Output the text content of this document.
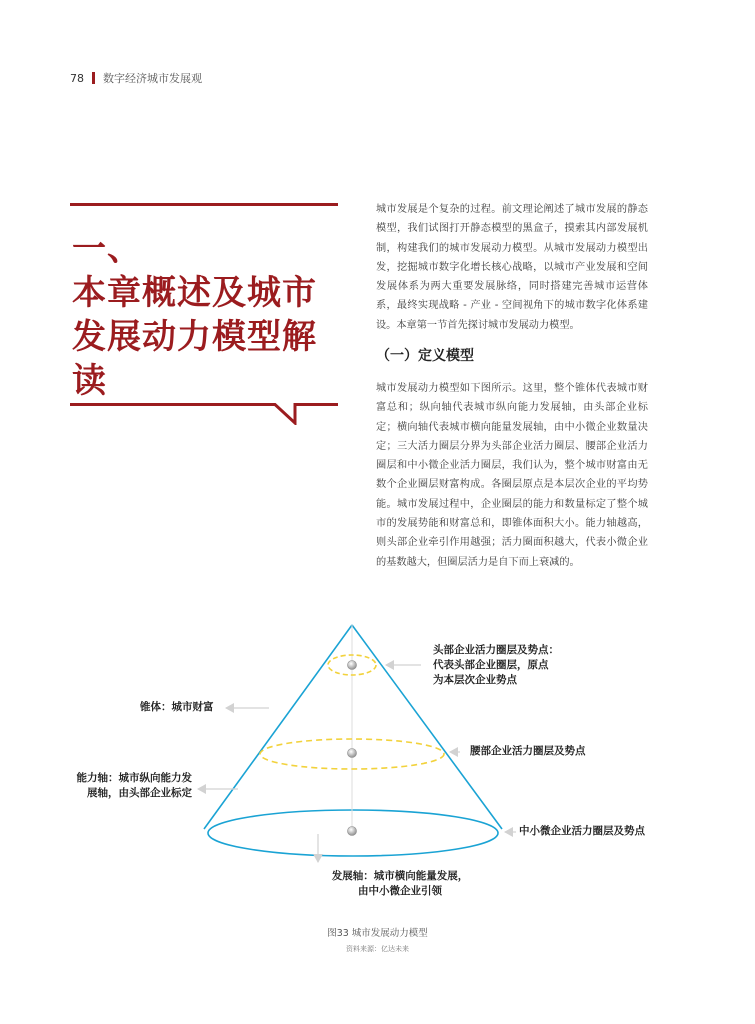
78 数字经济城市发展观
一、
本章概述及城市
发展动力模型解
读

城市发展是个复杂的过程。前文理论阐述了城市发展的静态模型，我们试图打开静态模型的黑盒子，摸索其内部发展机制，构建我们的城市发展动力模型。从城市发展动力模型出发，挖掘城市数字化增长核心战略，以城市产业发展和空间发展体系为两大重要发展脉络，同时搭建完善城市运营体系，最终实现战略 - 产业 - 空间视角下的城市数字化体系建设。本章第一节首先探讨城市发展动力模型。

（一）定义模型

城市发展动力模型如下图所示。这里，整个锥体代表城市财富总和；纵向轴代表城市纵向能力发展轴，由头部企业标定；横向轴代表城市横向能量发展轴，由中小微企业数量决定；三大活力圈层分界为头部企业活力圈层、腰部企业活力圈层和中小微企业活力圈层，我们认为，整个城市财富由无数个企业圈层财富构成。各圈层原点是本层次企业的平均势能。城市发展过程中，企业圈层的能力和数量标定了整个城市的发展势能和财富总和，即锥体面积大小。能力轴越高，则头部企业牵引作用越强；活力圈面积越大，代表小微企业的基数越大，但圈层活力是自下而上衰减的。

头部企业活力圈层及势点：
代表头部企业圈层，原点
为本层次企业势点
锥体：城市财富
腰部企业活力圈层及势点
能力轴：城市纵向能力发
展轴，由头部企业标定
中小微企业活力圈层及势点
发展轴：城市横向能量发展，
由中小微企业引领
图33 城市发展动力模型
资料来源：亿达未来
